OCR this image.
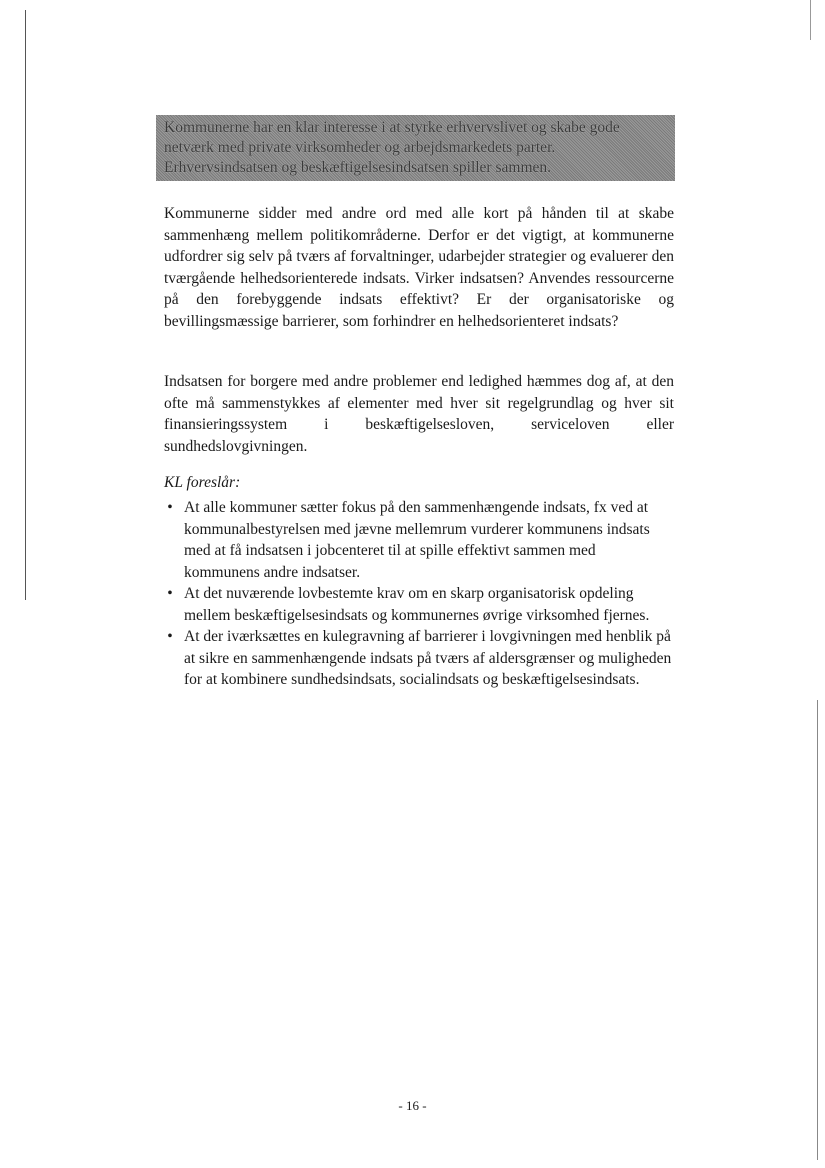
Kommunerne har en klar interesse i at styrke erhvervslivet og skabe gode netværk med private virksomheder og arbejdsmarkedets parter. Erhvervsindsatsen og beskæftigelsesindsatsen spiller sammen.

Kommunerne sidder med andre ord med alle kort på hånden til at skabe sammenhæng mellem politikområderne. Derfor er det vigtigt, at kommunerne udfordrer sig selv på tværs af forvaltninger, udarbejder strategier og evaluerer den tværgående helhedsorienterede indsats. Virker indsatsen? Anvendes ressourcerne på den forebyggende indsats effektivt? Er der organisatoriske og bevillingsmæssige barrierer, som forhindrer en helhedsorienteret indsats?

Indsatsen for borgere med andre problemer end ledighed hæmmes dog af, at den ofte må sammenstykkes af elementer med hver sit regelgrundlag og hver sit finansieringssystem i beskæftigelsesloven, serviceloven eller sundhedslovgivningen.

KL foreslår:

• At alle kommuner sætter fokus på den sammenhængende indsats, fx ved at kommunalbestyrelsen med jævne mellemrum vurderer kommunens indsats med at få indsatsen i jobcenteret til at spille effektivt sammen med kommunens andre indsatser.
• At det nuværende lovbestemte krav om en skarp organisatorisk opdeling mellem beskæftigelsesindsats og kommunernes øvrige virksomhed fjernes.
• At der iværksættes en kulegravning af barrierer i lovgivningen med henblik på at sikre en sammenhængende indsats på tværs af aldersgrænser og muligheden for at kombinere sundhedsindsats, socialindsats og beskæftigelsesindsats.

- 16 -
